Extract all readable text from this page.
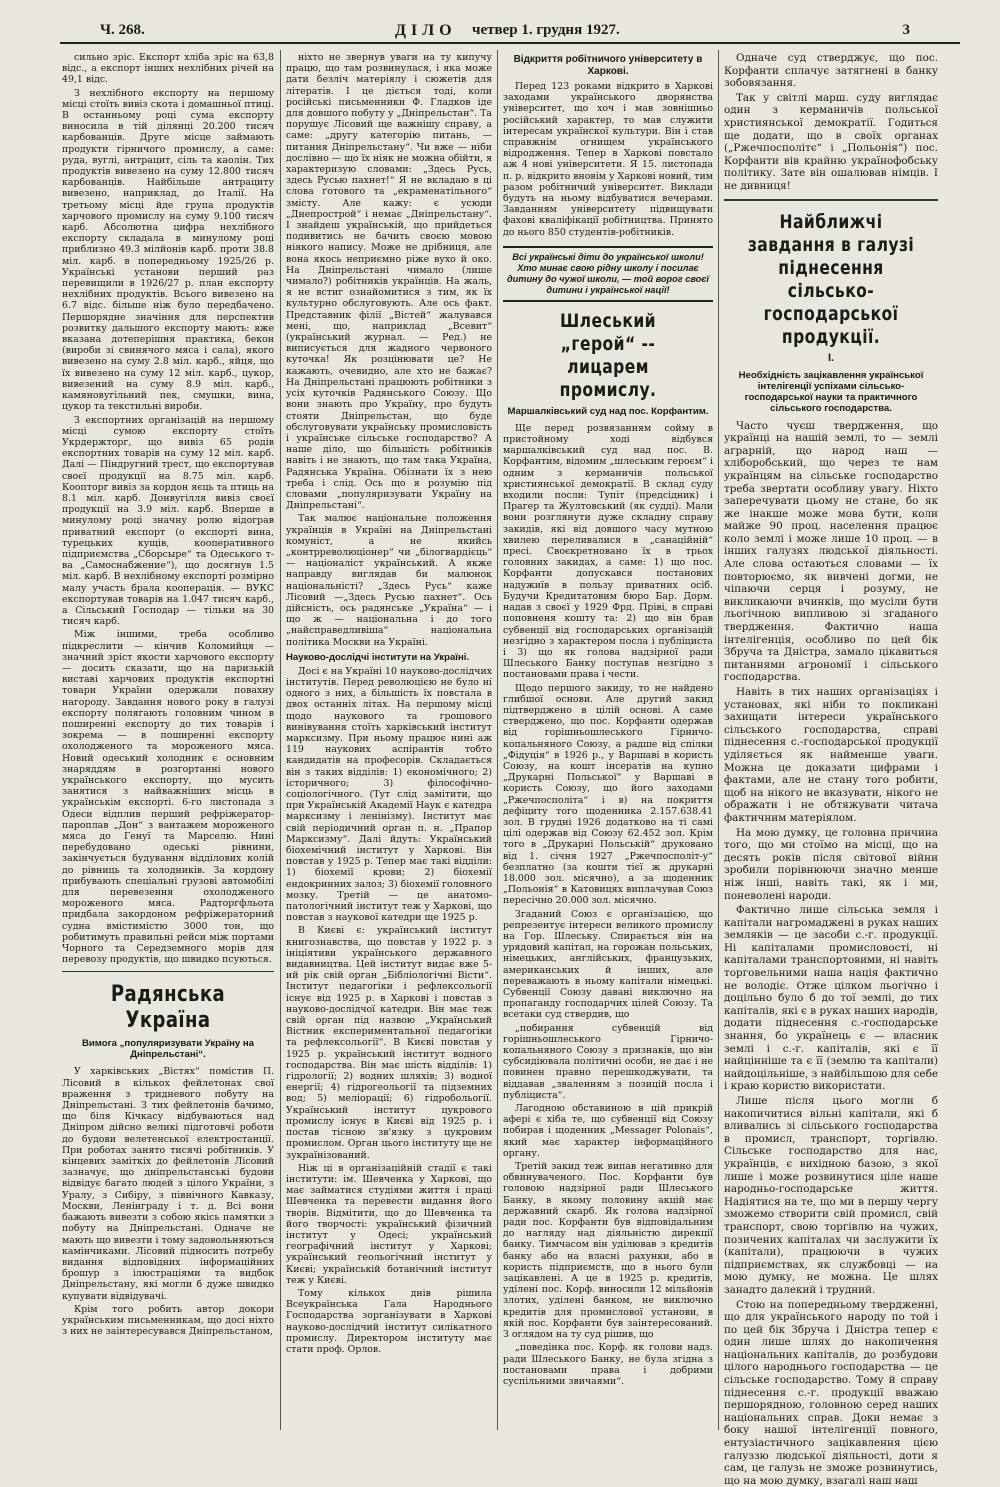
Ч. 268.	ДІЛО четвер 1. грудня 1927.	3

сильно зріс. Експорт хліба зріс на 63,8 відс., а експорт інших нехлібних річей на 49,1 відс.

З нехлібного експорту на першому місці стоїть вивіз скота і домашньої птиці. В останньому році сума експорту виносила в тій ділянці 20.200 тисяч карбованців. Друге місце займають продукти гірничого промислу, а саме: руда, вуглі, антрацит, сіль та каолін. Тих продуктів вивезено на суму 12.800 тисяч карбованців. Найбільше антрациту вивезено, наприклад, до Італії. На третьому місці йде група продуктів харчового промислу на суму 9.100 тисяч карб. Абсолютна цифра нехлібного експорту складала в минулому році приблизно 49.3 мілйонів карб. проти 38.8 міл. карб. в попередньому 1925/26 р. Українські установи перший раз перевищили в 1926/27 р. план експорту нехлібних продуктів. Всього вивезено на 6.7 відс. більше ніж було передбачено. Першорядне значіння для перспектив розвитку дальшого експорту мають: вже вказана дотеперішня практика, бекон (вироби зі свинячого мяса і сала), якого вивезено на суму 2.8 міл. карб., яйця, що їх вивезено на суму 12 міл. карб., цукор, вивезений на суму 8.9 міл. карб., камяновугільний пек, смушки, вина, цукор та текстильні вироби.

З експортних організацій на першому місці сумою експорту стоїть Укрдержторг, що вивіз 65 родів експортних товарів на суму 12 міл. карб. Далі — Піндругний трест, що експортував своєї продукції на 8.75 міл. карб. Коопторг вивіз за кордон яєць та птиць на 8.1 міл. карб. Донвугілля вивіз своєї продукції на 3.9 міл. карб. Вперше в минулому році значну ролю відограв приватний експорт (о експорті вина, турецьких кущів, кооперативного підприємства „Сборсыре“ та Одеського т-ва „Самоснабжение“), що досягнув 1.5 міл. карб. В нехлібному експорті розмірно малу участь брала кооперація. — ВУКС експортував товарів на 1.047 тисяч карб., а Сільський Господар — тільки на 30 тисяч карб.

Між іншими, треба особливо підкреслити — кінчив Коломийця — значний зріст якости харчового експорту — досить сказати, що на паризькій виставі харчових продуктів експортні товари України одержали повахну нагороду. Завдання нового року в галузі експорту полягають головним чином в поширенні експорту до тих товарів і зокрема — в поширенні експорту охолодженого та мороженого мяса. Новий одеський холодник є основним знаряддям в розгортанні нового українського експорту, що мусить занятися з найважніших місць в українськім експорті. 6-го листопада з Одеси відплив перший рефріжератор-пароплав „Дон“ з вантажем мороженого мяса до Генуї та Марселю. Нині перебудовано одеські рівнини, закінчується будування відділових колій до рівниць та холодників. За кордону прибувають спеціальні грузові автомобілі для перевезення охолодженого мороженого мяса. Радторгфльота придбала закордоном рефріжераторний судна вмістимістю 3000 тон, що робитимуть правильні рейси між портами Чорного та Середземного морів для перевозу продуктів, що швидко псуються.

Радянська Україна
Вимога „популяризувати Україну на Дніпрельстані“.

У харківських „Вістях“ помістив П. Лісовий в кількох фейлетонах свої враження з тридневого побуту на Дніпрельстані. З тих фейлетонів бачимо, що біля Кічкасу відбуваються над Дніпром дійсно великі підготовчі роботи до будови велетенської електростанції. При роботах занято тисячі робітників. У кінцевих заміткіх до фейлетонів Лісовий зазначує, що дніпрельстанські будови відвідує багато людей з цілого України, з Уралу, з Сибіру, з північного Кавказу, Москви, Ленінграду і т. д. Всі вони бажають вивезти з собою якісь памятки з побуту на Дніпрельстані. Одначе не мають що вивезти і тому задовольняються камінчиками. Лісовий підносить потребу видання відповідних інформаційних брошур з ілюстраціями та видбок Дніпрельстану, які могли б дуже швидко купувати відвідувачі.

Крім того робить автор докори українським письменникам, що досі ніхто з них не заінтересувався Дніпрельстаном,

ніхто не звернув уваги на ту кипучу працю, що там розвинулася, і яка може дати безліч матеріялу і сюжетів для літератів. І це діється тоді, коли російські письменники Ф. Гладков іде для довшого побуту у „Дніпрельстан“. Та порушує Лісовий ще важнішу справу, а саме: „другу категорію питань, — питання Дніпрельстану“. Чи вже — ніби дослівно — що їх ніяк не можна обійти, я характеризую словами: „Здесь Русь, здесь Русью пахнет!“ Я не вкладаю в ці слова ґотового та „екраменатільного“ змісту. Але кажу: є усюди „Днепрострой“ і немає „Дніпрельстану“. І знайдеш українській, що прийдеться подивитись не бачить своєю мовою ніякого напису. Може не дрібниця, але вона якось неприємно ріже вухо й око. На Дніпрельстані чимало (лише чимало?) робітників українців. На жаль, я не встиг ознайомитися з тим, як їх культурно обслуговують. Але ось факт. Представник філії „Вістей“ жалувався мені, що, наприклад „Всевит“ (український журнал. — Ред.) не виписується для жадного червоного куточка! Як розцінювати це? Не кажають, очевидно, але хто не бажає? На Дніпрельстані працюють робітники з усіх куточків Радянського Союзу. Що вони знають про Україну, про будуть стояти Дніпрельстан, що буде обслуговувати українську промисловість і українське сільське господарство? А наше діло, що більшість робітників навіть і не знають, що там така Україна, Радянська Україна. Обізнати їх з нею треба і слід. Ось що я розумію під словами „популяризувати Україну на Дніпрельстані“.

Так малює національне положення українців в Україні на Дніпрельстані комуніст, а не якийсь „контрреволюціонер“ чи „білогвардієць“ — націоналіст український. А якже направду виглядав би малюнок національністі? „Здесь Русь“ каже Лісовий —„Здесь Русью пахнет“. Ось дійсність, ось радянське „Україна“ — і що ж — національна і до того „найсправедливіша“ національна політика Москви на Україні.

Науково-дослідчі інститути на Україні.

Досі є на Україні 10 науково-дослідчих інститутів. Перед революцією не було ні одного з них, а більшість їх повстала в двох останніх літах. На першому місці щодо наукового та грошового винівування стоїть харківський інститут марксизму. При ньому працює нині аж 119 наукових аспірантів тобто кандидатів на професорів. Складається він з таких відділів: 1) економічного; 2) історичного; 3) філософічно-соціологічного. (Тут слід замітити, що при Українській Академії Наук є катедра марксизму і ленінізму). Інститут має свій періодичний орган п. н. „Прапор Марксизму“. Далі йдуть: Український біохемічний інститут у Харкові. Він повстав у 1925 р. Тепер має такі відділи: 1) біохемії крови; 2) біохемії ендокринних залоз; 3) біохемії головного мозку. Третій — це анатомо-патологічний інститут теж у Харкові, що повстав з наукової катедри ще 1925 р.

В Києві є: український інститут книгознавства, що повстав у 1922 р. з ініціятиви українського державного видавництва. Цей інститут видає вже 5-ий рік свій орган „Бібліологічні Вісти“. Інститут педагогіки і рефлексольогії існує від 1925 р. в Харкові і повстав з науково-дослідчої катедри. Він має теж свій орган під назвою „Український Вістник експериментальної педагогіки та рефлексольогії“. В Києві повстав у 1925 р. український інститут водного господарства. Він має шість відділів: 1) гідрології; 2) водних шляхів; 3) водної енергії; 4) гідрогеольогії та підземних вод; 5) меліорації; 6) гідробольогії. Український інститут цукрового промислу існує в Києві від 1925 р. і постав тісною зв'язку з цукровим промислом. Орган цього інституту ще не зукраїнізований.

Ніж ці в організаційній стадії є такі інститути: ім. Шевченка у Харкові, що має займатися студіями життя і праці Шевченка та перевести видання його творів. Відмітити, що до Шевченка та його творчості: український фізичний інститут у Одесі; український географічний інститут у Харкові; український геольогічний інститут у Києві; українській ботанічний інститут теж у Києві.

Тому кількох днів рішила Всеукраїнська Гала Народнього Господарства зорганізувати в Харкові науково-дослідчий інститут силікатного промислу. Директором інституту має стати проф. Орлов.

Відкриття робітничого університету в Харкові.

Перед 123 роками відкрито в Харкові заходами українського дворянства університет, що хоч і мав зовнішньо російський характер, то мав служити інтересам українскої культури. Він і став справжнім огнищем українського відродження. Тепер в Харкові повстало аж 4 нові університети. Я 15. листопада п. р. відкрито вновім у Харкові новий, тим разом робітничий університет. Виклади будуть на ньому відбуватися вечерами. Завданням університету підвищувати фахові кваліфікації робітництва. Принято до нього 850 студентів-робітників.

Всі українські діти до української школи! Хто минає свою рідну школу і посилає дитину до чужої школи, — той ворог своєї дитини і української нації!
Шлеський „герой“ -- лицарем промислу.
Маршалківський суд над пос. Корфантим.

Ще перед розвязанням сойму в пристойному ході відбувся маршалківський суд над пос. В. Корфантим, відомим „шлеським героєм“ і одним з керманичів польської християнської демократії. В склад суду входили посли: Тупіт (предсідник) і Прагер та Жултовський (як судді). Мали вони розглянути дуже складну справу закидів, які від довшого часу мутною хвилею переливалися в „санаційній“ пресі. Своєкретновано їх в трьох головних закидах, а саме: 1) що пос. Корфанти допускався постанових надужиїв в пользу приватних осіб. Будучи Кредитатовим бюро Бар. Дорм. надав з своєї у 1929 Фрд. Пріві, в справі поповненя кошту та: 2) що він брав субвенції від господарських організацій незгідно з характером посла і публіциста і 3) що як голова надзірної ради Шлеського Банку поступав незгідно з постановами права і чести.

Щодо першого закиду, то не найдено глибшої основи. Але другий закид підтверджено в цілій основі. А саме стверджено, що пос. Корфанти одержав від горішньошлеського Гірничо-копальняного Союзу, а радше від спілки „Фідуція“ в 1926 р., у Варшаві в користь Союзу, на кошт інсератів на купно „Друкарні Польської“ у Варшаві в користь Союзу, що його заходами „Ржечпосполіта“ і в) на покриття дефіциту того щоденника 2.157.638.41 зол. В грудні 1926 додатково на ті самі цілі одержав від Союзу 62.452 зол. Крім того в „Друкарні Польській“ друковано від 1. січня 1927 „Ржечпосполіт-у“ безплатно (за кошти тієї ж друкарні 18.000 зол. місячно), а за щоденник „Польонія“ в Катовицях виплачував Союз пересічно 20.000 зол. місячно.

Згаданий Союз є організацією, що репрезентує інтереси великого промислу на Гор. Шлеську. Спирається він на урядовий капітал, на горожан польських, німецьких, англійських, французьких, американських й інших, але переважають в ньому капітали німецькі. Субвенції Союзу давані виключно на пропаганду господарчих цілей Союзу. Та всетаки суд ствердив, що

„побирання субвенцій від горішньошлеського Гірничо-копальняного Союзу з признаків, що він субсидіювала політичні особи, не дає і не повинен правно перешкоджувати, та віддавав „зваленням з позицій посла і публіциста“.

Лагодною обставиною в цій прикрій афері є хіба те, що субвенції від Союзу побирав і щоденник „Messager Polonais“, який має характер інформаційного органу.

Третій закид теж випав негативно для обвинуваченого. Пос. Корфанти був головою надзірної ради Шлеського Банку, в якому половину акцій має державний скарб. Як голова надзірної ради пос. Корфанти був відповідальним до нагляду над діяльністю дирекції банку. Тимчасом він уділював з кредитів банку або на власні рахунки, або в користь підприємств, що в нього були зацікавлені. А це в 1925 р. кредитів, уділені пос. Корф. виносили 12 мільйонів злотих, уділені банком, не виключно кредитів для промислової установи, в якій пос. Корфанти був заінтересований. З оглядом на ту суд рішив, що

„поведінка пос. Корф. як голови надз. ради Шлеського Банку, не була згідна з постановами права і добрими суспільними звичаями“.

Одначе суд стверджує, що пос. Корфанти сплачує затягнені в банку зобовязання.

Так у світлі марш. суду виглядає один з керманичів польської християнської демократії. Годиться ще додати, що в своїх органах („Ржечпосполітє“ і „Польонія“) пос. Корфанти вів крайню українофобську політику. Зате він ошалював німців. І не дивниця!

Найближчі завдання в галузі піднесення сільсько-господарської продукції.
І.
Необхідність зацікавлення української інтелігенції успіхами сільсько-господарської науки та практичного сільського господарства.

Часто чуєш твердження, що українці на нашій землі, то — землі аграрній, що народ наш — хліборобський, що через те нам українцям на сільське господарство треба звертати особливу увагу. Ніхто заперечувати цьому не стане, бо як же інакше може мова бути, коли майже 90 проц. населення працює коло землі і може лише 10 проц. — в інших галузях людської діяльності. Але слова остаються словами — їх повторюємо, як вивчені догми, не чіпаючи серця і розуму, не викликаючи вчинків, що мусіли бути льогічною випливою зі згаданого твердження. Фактично наша інтелігенція, особливо по цей бік Збруча та Дністра, замало цікавиться питаннями агрономії і сільського господарства.

Навіть в тих наших організаціях і установах, які ніби то покликані захищати інтереси українського сільського господарства, справі піднесення с.-господарської продукції уділяється як найменше уваги. Можна це доказати цифрами і фактами, але не стану того робити, щоб на нікого не вказувати, нікого не ображати і не обтяжувати читача фактичним матеріялом.

На мою думку, це головна причина того, що ми стоїмо на місці, що на десять років після світової війни зробили порівнюючи значно менше ніж інші, навіть такі, як і ми, поневолені народи.

Фактично лише сільська земля і капітали нагромаджені в руках наших земляків — це засоби с.-г. продукції. Ні капіталами промисловості, ні капіталами транспортовими, ні навіть торговельними наша нація фактично не володіє. Отже цілком льогічно і доцільно було б до тої землі, до тих капіталів, які є в руках наших народів, додати піднесення с.-господарське знання, бо українець є — власник землі і с.-г. капіталів, які є її найцінніше та є її (землю та капітали) найдоцільніше, з найбільшою для себе і краю користю використати.

Лише після цього могли б накопичитися вільні капітали, які б вливались зі сільського господарства в промисл, транспорт, торгівлю. Сільське господарство для нас, українців, є вихідною базою, з якої лише і може розвинутися ціле наше народньо-господарське життя. Надіятися на те, що ми в першу чергу зможемо створити свій промисл, свій транспорт, свою торгівлю на чужих, позичених капіталах чи заслужити їх (капітали), працюючи в чужих підприємствах, як службовці — на мою думку, не можна. Це шлях занадто далекий і трудний.

Стою на попередньому твердженні, що для українського народу по той і по цей бік Збруча і Дністра тепер є один лише шлях до накопичення національних капіталів, до розбудови цілого народнього господарства — це сільське господарство. Тому й справу піднесення с.-г. продукції вважаю першорядною, головною серед наших національних справ. Доки немає з боку нашої інтелігенції повного, ентузіастичного зацікавлення цією галуззю людської діяльності, доти я сам, це галузь не зможе розвинутись, що на мою думку, взагалі наш наш
